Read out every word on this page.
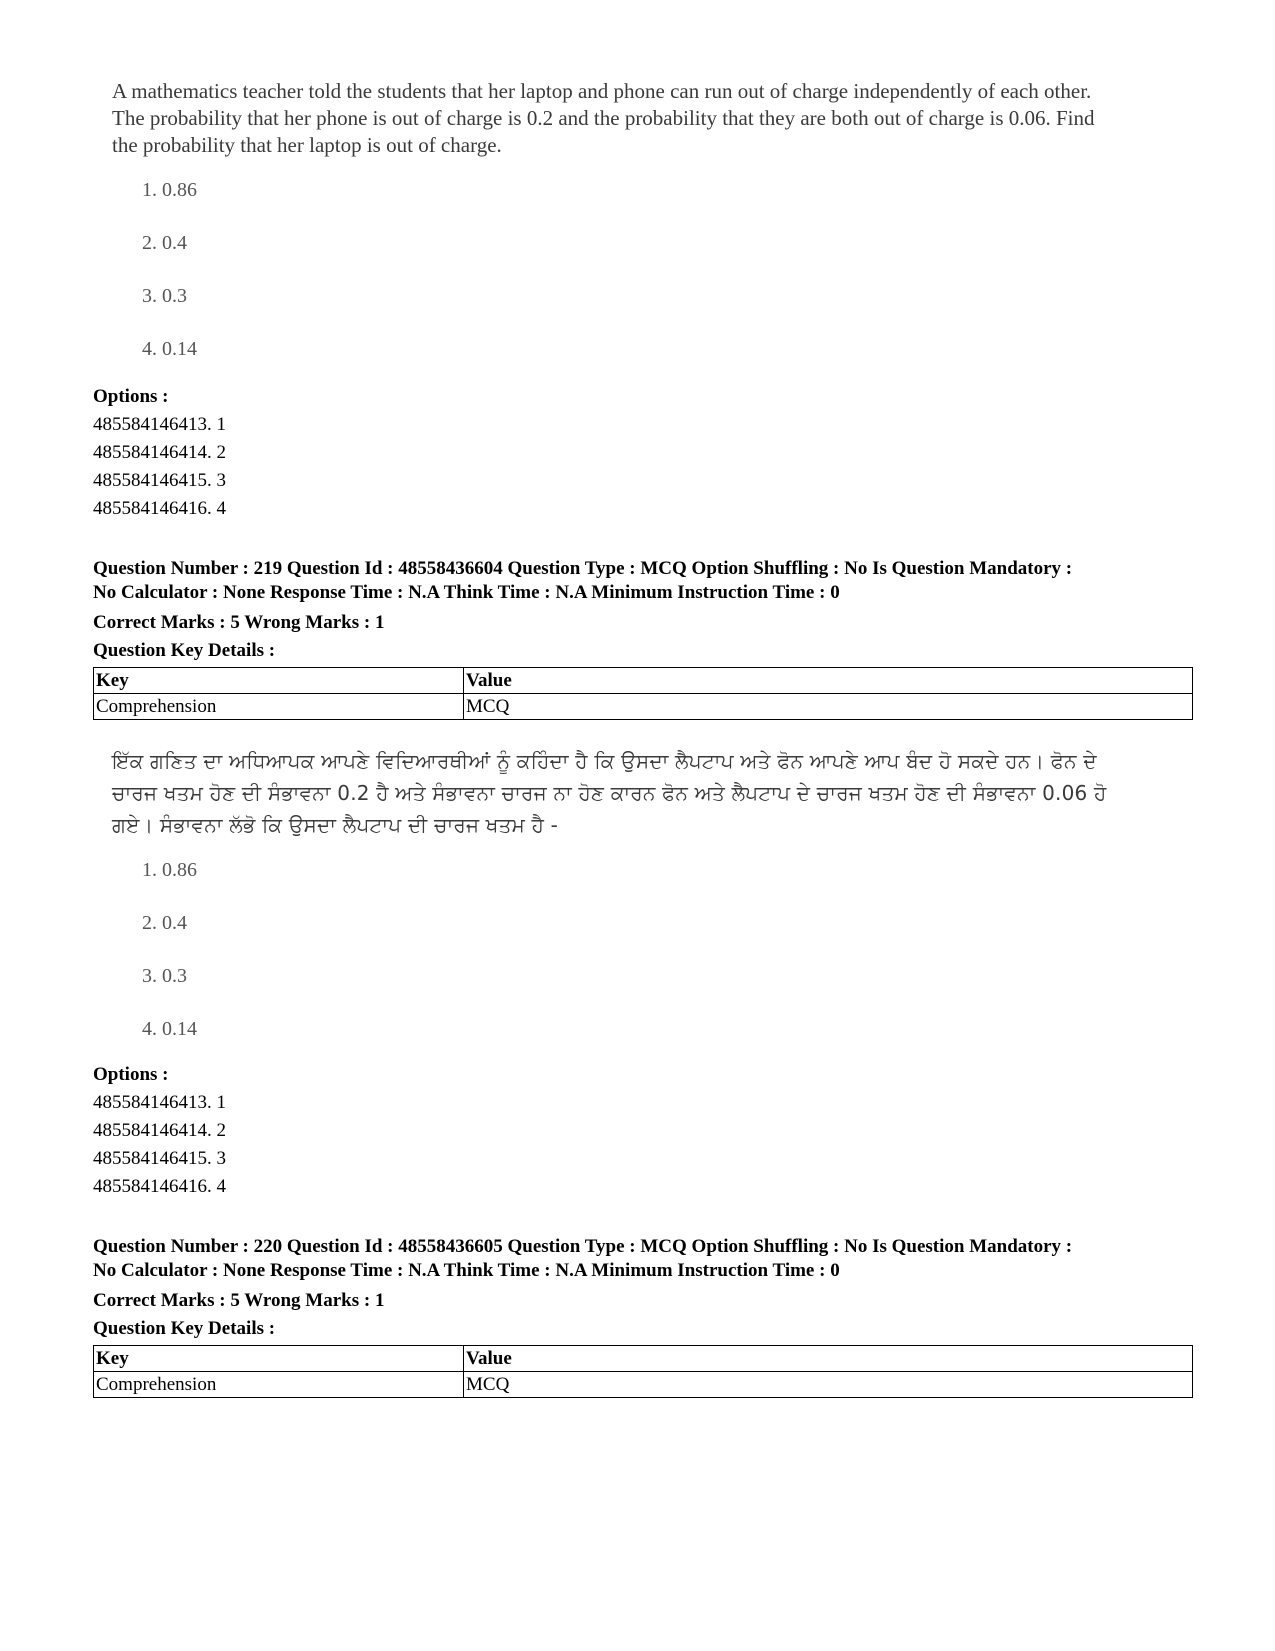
A mathematics teacher told the students that her laptop and phone can run out of charge independently of each other. The probability that her phone is out of charge is 0.2 and the probability that they are both out of charge is 0.06. Find the probability that her laptop is out of charge.

1. 0.86
2. 0.4
3. 0.3
4. 0.14
Options :
485584146413. 1
485584146414. 2
485584146415. 3
485584146416. 4
Question Number : 219 Question Id : 48558436604 Question Type : MCQ Option Shuffling : No Is Question Mandatory :
No Calculator : None Response Time : N.A Think Time : N.A Minimum Instruction Time : 0
Correct Marks : 5 Wrong Marks : 1
Question Key Details :
Key	Value
Comprehension	MCQ

ਇੱਕ ਗਣਿਤ ਦਾ ਅਧਿਆਪਕ ਆਪਣੇ ਵਿਦਿਆਰਥੀਆਂ ਨੂੰ ਕਹਿੰਦਾ ਹੈ ਕਿ ਉਸਦਾ ਲੈਪਟਾਪ ਅਤੇ ਫੋਨ ਆਪਣੇ ਆਪ ਬੰਦ ਹੋ ਸਕਦੇ ਹਨ। ਫੋਨ ਦੇ ਚਾਰਜ ਖਤਮ ਹੋਣ ਦੀ ਸੰਭਾਵਨਾ 0.2 ਹੈ ਅਤੇ ਸੰਭਾਵਨਾ ਚਾਰਜ ਨਾ ਹੋਣ ਕਾਰਨ ਫੋਨ ਅਤੇ ਲੈਪਟਾਪ ਦੇ ਚਾਰਜ ਖਤਮ ਹੋਣ ਦੀ ਸੰਭਾਵਨਾ 0.06 ਹੋ ਗਏ। ਸੰਭਾਵਨਾ ਲੱਭੋ ਕਿ ਉਸਦਾ ਲੈਪਟਾਪ ਦੀ ਚਾਰਜ ਖਤਮ ਹੈ -

1. 0.86
2. 0.4
3. 0.3
4. 0.14
Options :
485584146413. 1
485584146414. 2
485584146415. 3
485584146416. 4
Question Number : 220 Question Id : 48558436605 Question Type : MCQ Option Shuffling : No Is Question Mandatory :
No Calculator : None Response Time : N.A Think Time : N.A Minimum Instruction Time : 0
Correct Marks : 5 Wrong Marks : 1
Question Key Details :
Key	Value
Comprehension	MCQ
